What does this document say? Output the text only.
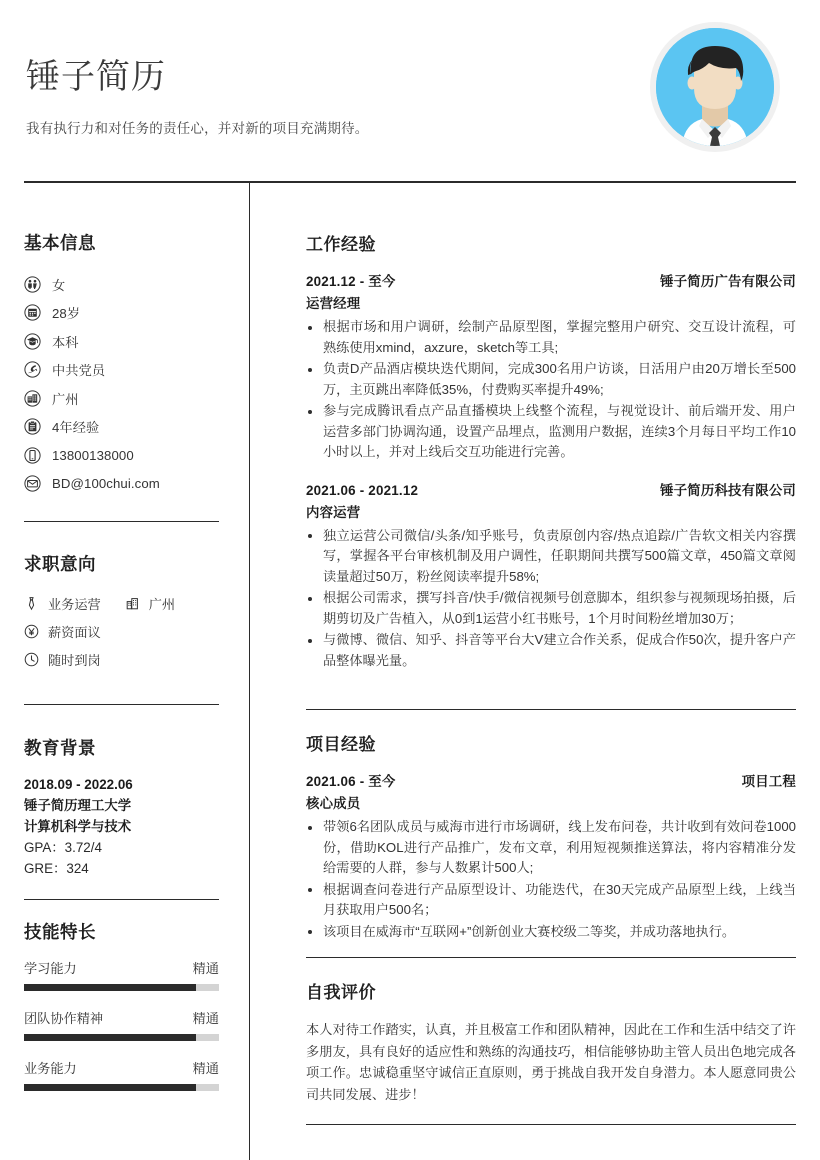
锤子简历
我有执行力和对任务的责任心，并对新的项目充满期待。
基本信息
女
28岁
本科
中共党员
广州
4年经验
13800138000
BD@100chui.com
求职意向
业务运营	广州
薪资面议
随时到岗
教育背景
2018.09 - 2022.06
锤子简历理工大学
计算机科学与技术
GPA：3.72/4
GRE：324
技能特长
学习能力	精通
团队协作精神	精通
业务能力	精通
工作经验
2021.12 - 至今	锤子简历广告有限公司
运营经理
根据市场和用户调研，绘制产品原型图，掌握完整用户研究、交互设计流程，可熟练使用xmind，axzure，sketch等工具;
负责D产品酒店模块迭代期间，完成300名用户访谈，日活用户由20万增长至500万，主页跳出率降低35%，付费购买率提升49%;
参与完成腾讯看点产品直播模块上线整个流程，与视觉设计、前后端开发、用户运营多部门协调沟通，设置产品埋点，监测用户数据，连续3个月每日平均工作10小时以上，并对上线后交互功能进行完善。
2021.06 - 2021.12	锤子简历科技有限公司
内容运营
独立运营公司微信/头条/知乎账号，负责原创内容/热点追踪/广告软文相关内容撰写，掌握各平台审核机制及用户调性，任职期间共撰写500篇文章，450篇文章阅读量超过50万，粉丝阅读率提升58%;
根据公司需求，撰写抖音/快手/微信视频号创意脚本，组织参与视频现场拍摄，后期剪切及广告植入，从0到1运营小红书账号，1个月时间粉丝增加30万；
与微博、微信、知乎、抖音等平台大V建立合作关系，促成合作50次，提升客户产品整体曝光量。
项目经验
2021.06 - 至今	项目工程
核心成员
带领6名团队成员与威海市进行市场调研，线上发布问卷，共计收到有效问卷1000份，借助KOL进行产品推广，发布文章，利用短视频推送算法，将内容精准分发给需要的人群，参与人数累计500人;
根据调查问卷进行产品原型设计、功能迭代，在30天完成产品原型上线，上线当月获取用户500名；
该项目在威海市“互联网+”创新创业大赛校级二等奖，并成功落地执行。
自我评价
本人对待工作踏实，认真，并且极富工作和团队精神，因此在工作和生活中结交了许多朋友，具有良好的适应性和熟练的沟通技巧，相信能够协助主管人员出色地完成各项工作。忠诚稳重坚守诚信正直原则，勇于挑战自我开发自身潜力。本人愿意同贵公司共同发展、进步！
